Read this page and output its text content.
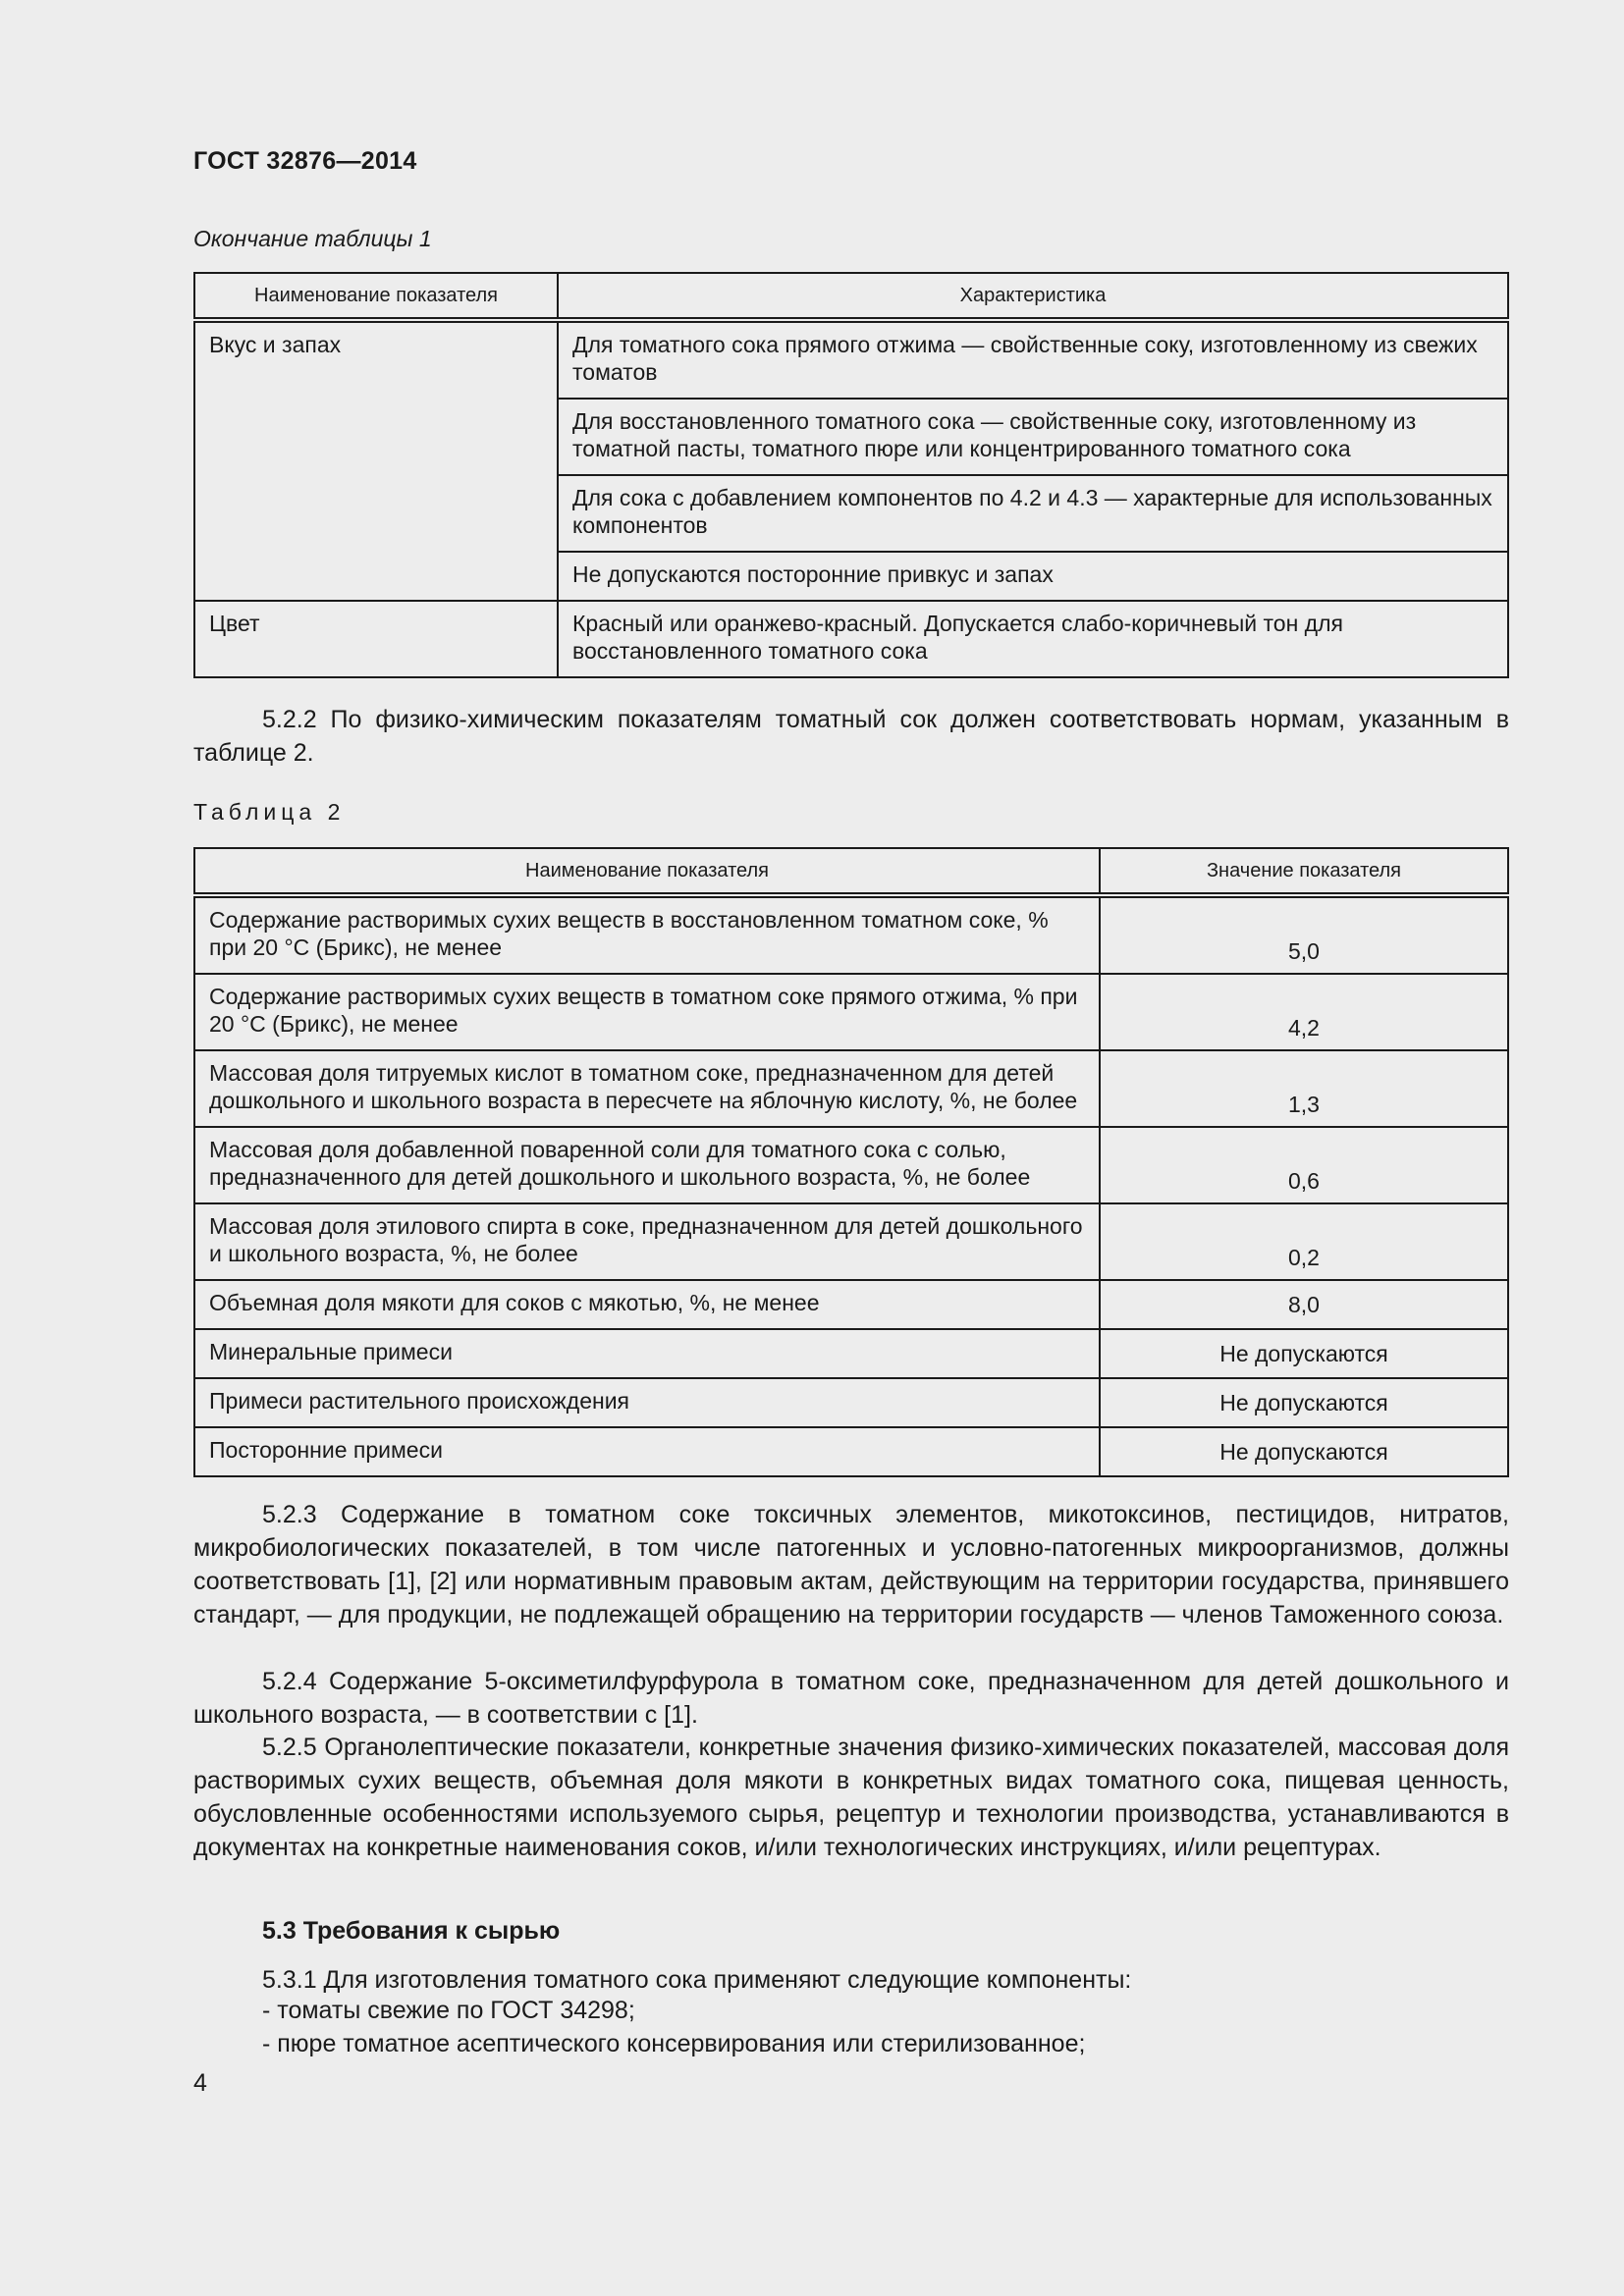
ГОСТ 32876—2014
Окончание таблицы 1
Наименование показателя	Характеристика
Вкус и запах	Для томатного сока прямого отжима — свойственные соку, изготовленному из свежих томатов
	Для восстановленного томатного сока — свойственные соку, изготовленному из томатной пасты, томатного пюре или концентрированного томатного сока
	Для сока с добавлением компонентов по 4.2 и 4.3 — характерные для использованных компонентов
	Не допускаются посторонние привкус и запах
Цвет	Красный или оранжево-красный. Допускается слабо-коричневый тон для восстановленного томатного сока
5.2.2 По физико-химическим показателям томатный сок должен соответствовать нормам, указанным в таблице 2.
Таблица 2
Наименование показателя	Значение показателя
Содержание растворимых сухих веществ в восстановленном томатном соке, % при 20 °С (Брикс), не менее	5,0
Содержание растворимых сухих веществ в томатном соке прямого отжима, % при 20 °С (Брикс), не менее	4,2
Массовая доля титруемых кислот в томатном соке, предназначенном для детей дошкольного и школьного возраста в пересчете на яблочную кислоту, %, не более	1,3
Массовая доля добавленной поваренной соли для томатного сока с солью, предназначенного для детей дошкольного и школьного возраста, %, не более	0,6
Массовая доля этилового спирта в соке, предназначенном для детей дошкольного и школьного возраста, %, не более	0,2
Объемная доля мякоти для соков с мякотью, %, не менее	8,0
Минеральные примеси	Не допускаются
Примеси растительного происхождения	Не допускаются
Посторонние примеси	Не допускаются
5.2.3 Содержание в томатном соке токсичных элементов, микотоксинов, пестицидов, нитратов, микробиологических показателей, в том числе патогенных и условно-патогенных микроорганизмов, должны соответствовать [1], [2] или нормативным правовым актам, действующим на территории государства, принявшего стандарт, — для продукции, не подлежащей обращению на территории государств — членов Таможенного союза.
5.2.4 Содержание 5-оксиметилфурфурола в томатном соке, предназначенном для детей дошкольного и школьного возраста, — в соответствии с [1].
5.2.5 Органолептические показатели, конкретные значения физико-химических показателей, массовая доля растворимых сухих веществ, объемная доля мякоти в конкретных видах томатного сока, пищевая ценность, обусловленные особенностями используемого сырья, рецептур и технологии производства, устанавливаются в документах на конкретные наименования соков, и/или технологических инструкциях, и/или рецептурах.
5.3 Требования к сырью
5.3.1 Для изготовления томатного сока применяют следующие компоненты:
- томаты свежие по ГОСТ 34298;
- пюре томатное асептического консервирования или стерилизованное;
4
